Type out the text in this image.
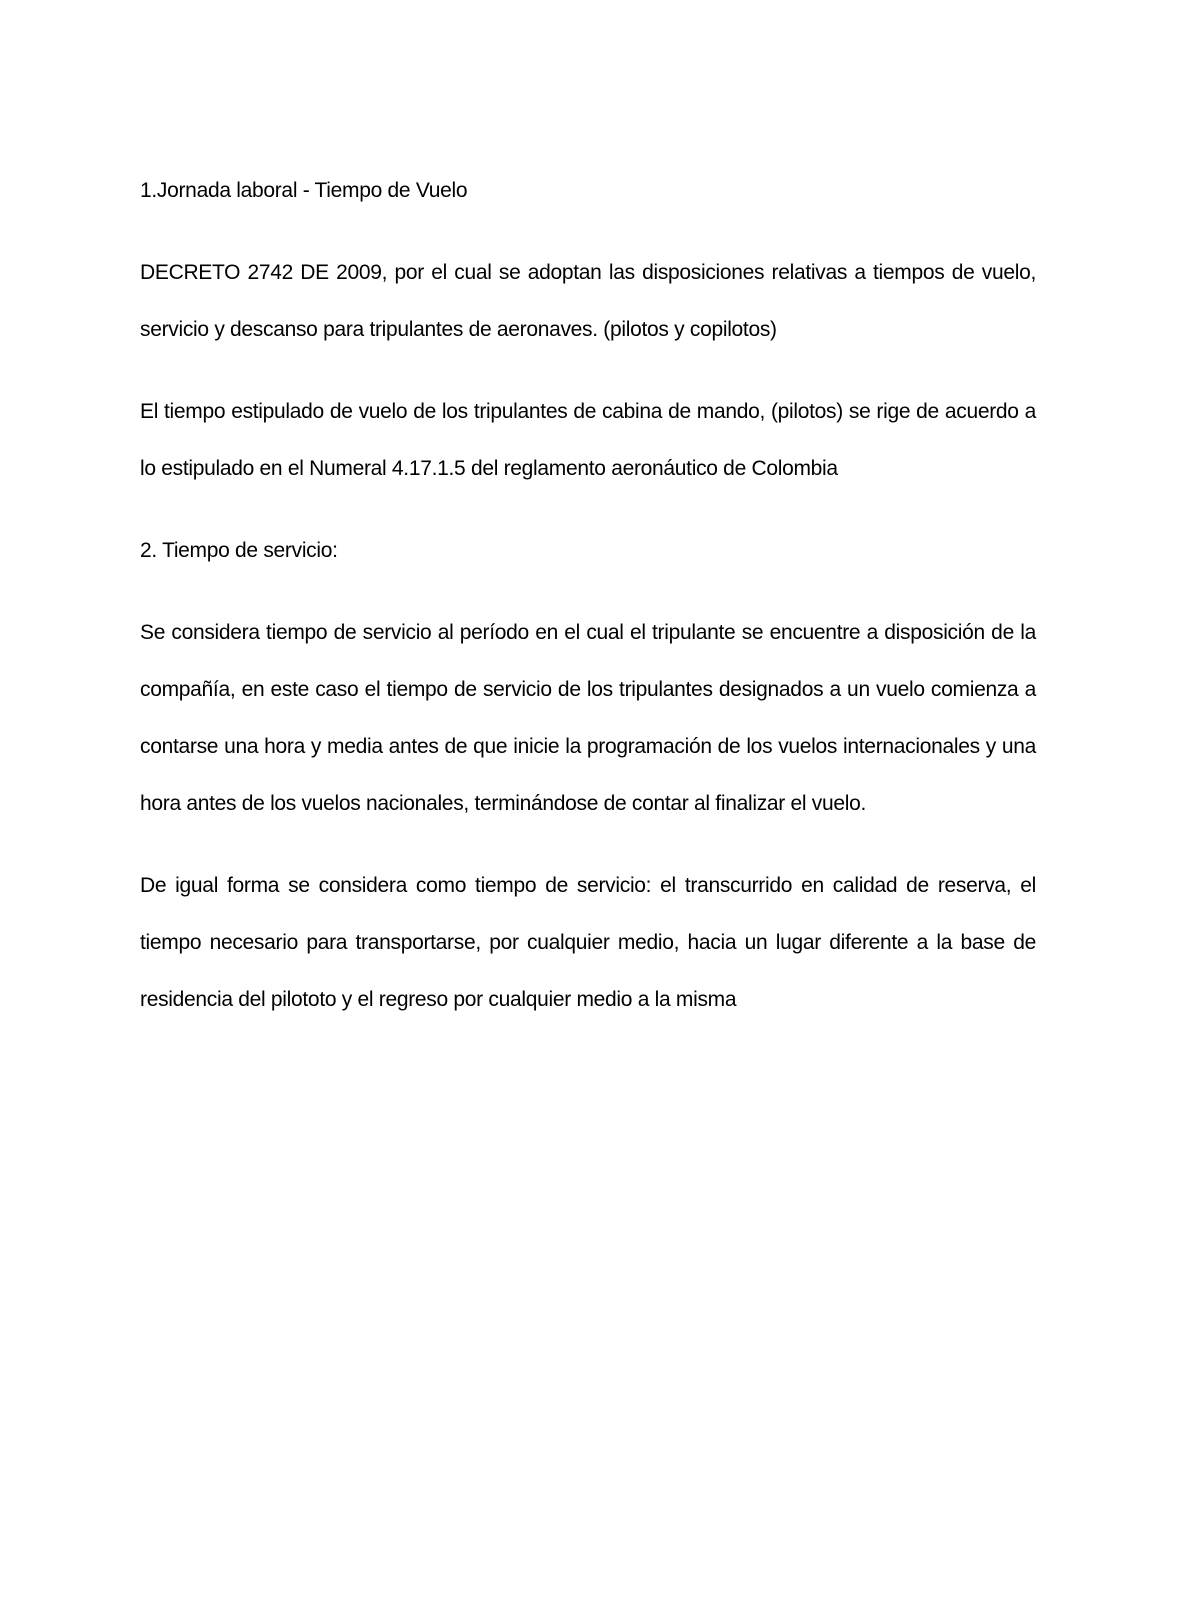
1.Jornada laboral - Tiempo de Vuelo

DECRETO 2742 DE 2009, por el cual se adoptan las disposiciones relativas a tiempos de vuelo, servicio y descanso para tripulantes de aeronaves. (pilotos y copilotos)

El tiempo estipulado de vuelo de los tripulantes de cabina de mando, (pilotos) se rige de acuerdo a lo estipulado en el Numeral 4.17.1.5 del reglamento aeronáutico de Colombia

2. Tiempo de servicio:

Se considera tiempo de servicio al período en el cual el tripulante se encuentre a disposición de la compañía, en este caso el tiempo de servicio de los tripulantes designados a un vuelo comienza a contarse una hora y media antes de que inicie la programación de los vuelos internacionales y una hora antes de los vuelos nacionales, terminándose de contar al finalizar el vuelo.

De igual forma se considera como tiempo de servicio: el transcurrido en calidad de reserva, el tiempo necesario para transportarse, por cualquier medio, hacia un lugar diferente a la base de residencia del pilototo y el regreso por cualquier medio a la misma
